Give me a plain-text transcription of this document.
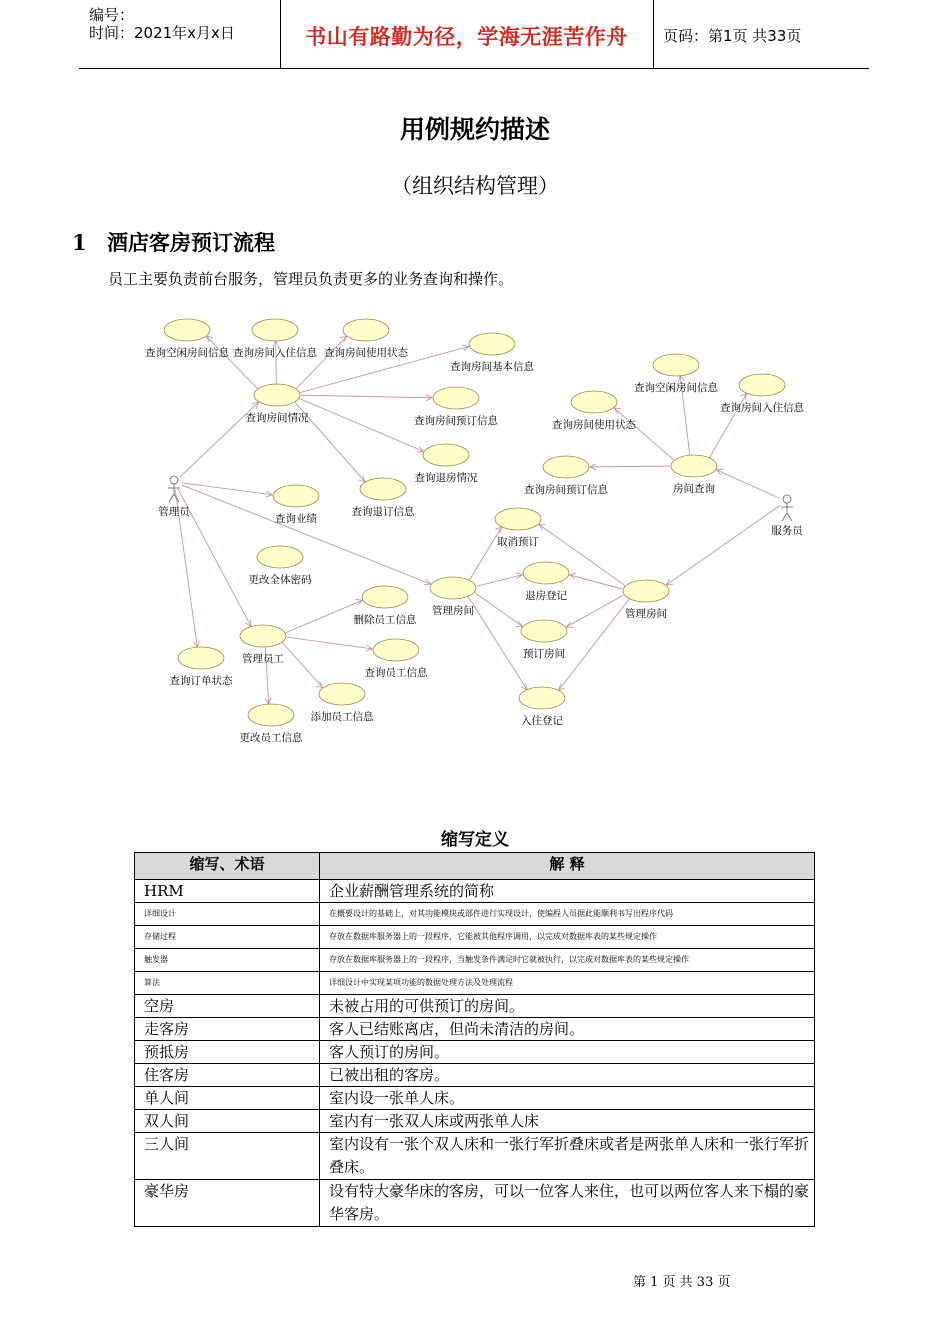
编号：
时间：2021年x月x日	书山有路勤为径，学海无涯苦作舟	页码：第1页 共33页
用例规约描述
（组织结构管理）
1 酒店客房预订流程
员工主要负责前台服务，管理员负责更多的业务查询和操作。
查询空闲房间信息 查询房间入住信息 查询房间使用状态
查询房间基本信息
查询房间情况	查询房间预订信息
查询退房情况
查询退订信息
查询业绩
查询空闲房间信息
查询房间入住信息
查询房间使用状态
查询房间预订信息	房间查询
取消预订
退房登记
管理房间	管理房间
预订房间
入住登记
更改全体密码
删除员工信息
管理员工
查询员工信息
查询订单状态
添加员工信息
更改员工信息
管理员
服务员
缩写定义
缩写、术语	解 释
HRM	企业薪酬管理系统的简称
详细设计	在概要设计的基础上，对其功能模块或部件进行实现设计，使编程人员据此能顺利书写出程序代码
存储过程	存放在数据库服务器上的一段程序，它能被其他程序调用，以完成对数据库表的某些规定操作
触发器	存放在数据库服务器上的一段程序，当触发条件满足时它就被执行，以完成对数据库表的某些规定操作
算法	详细设计中实现某项功能的数据处理方法及处理流程
空房	未被占用的可供预订的房间。
走客房	客人已结账离店，但尚未清洁的房间。
预抵房	客人预订的房间。
住客房	已被出租的客房。
单人间	室内设一张单人床。
双人间	室内有一张双人床或两张单人床
三人间	室内设有一张个双人床和一张行军折叠床或者是两张单人床和一张行军折叠床。
豪华房	设有特大豪华床的客房，可以一位客人来住，也可以两位客人来下榻的豪华客房。
第 1 页 共 33 页
